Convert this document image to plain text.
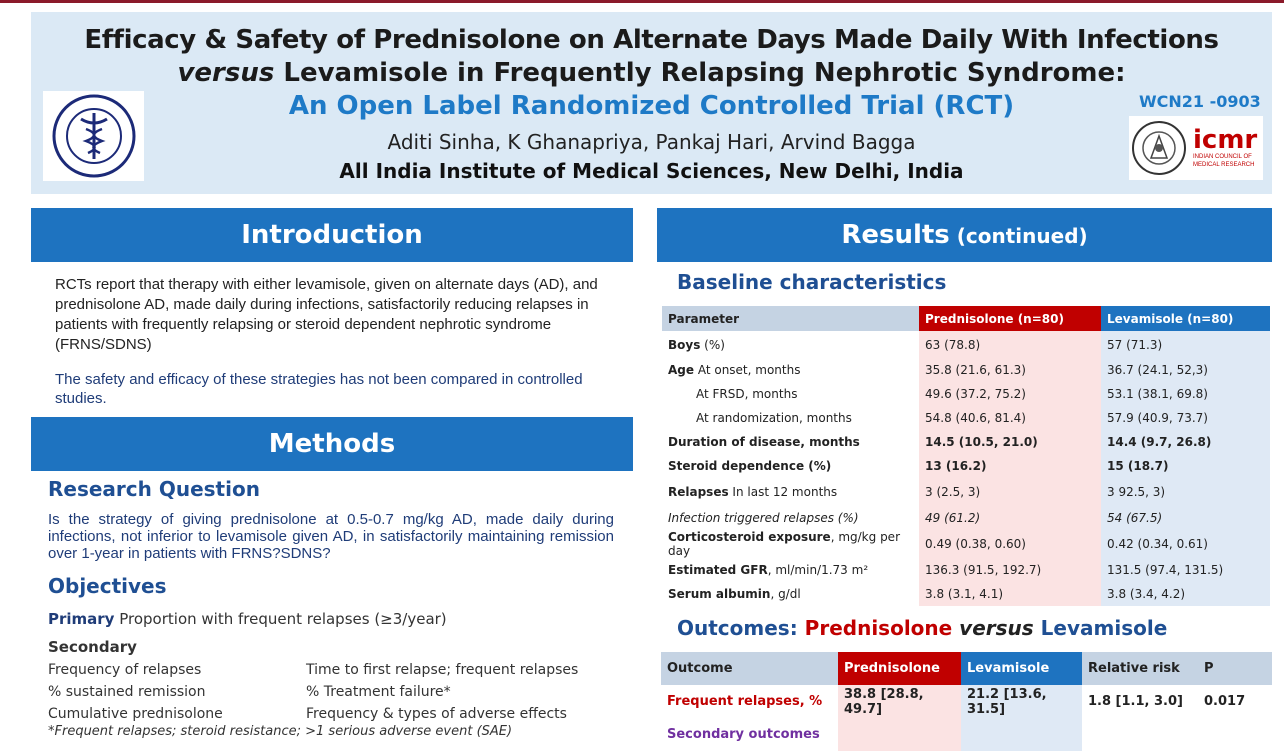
Efficacy & Safety of Prednisolone on Alternate Days Made Daily With Infections
versus Levamisole in Frequently Relapsing Nephrotic Syndrome:
An Open Label Randomized Controlled Trial (RCT)
Aditi Sinha, K Ghanapriya, Pankaj Hari, Arvind Bagga
All India Institute of Medical Sciences, New Delhi, India
WCN21 -0903
icmr
INDIAN COUNCIL OF MEDICAL RESEARCH
Introduction
RCTs report that therapy with either levamisole, given on alternate days (AD), and prednisolone AD, made daily during infections, satisfactorily reducing relapses in patients with frequently relapsing or steroid dependent nephrotic syndrome (FRNS/SDNS)
The safety and efficacy of these strategies has not been compared in controlled studies.
Methods
Research Question
Is the strategy of giving prednisolone at 0.5-0.7 mg/kg AD, made daily during infections, not inferior to levamisole given AD, in satisfactorily maintaining remission over 1-year in patients with FRNS?SDNS?
Objectives
Primary Proportion with frequent relapses (≥3/year)
Secondary
Frequency of relapses	Time to first relapse; frequent relapses
% sustained remission	% Treatment failure*
Cumulative prednisolone	Frequency & types of adverse effects
*Frequent relapses; steroid resistance; >1 serious adverse event (SAE)
Results (continued)
Baseline characteristics
Parameter	Prednisolone (n=80)	Levamisole (n=80)
Boys (%)	63 (78.8)	57 (71.3)
Age At onset, months	35.8 (21.6, 61.3)	36.7 (24.1, 52,3)
At FRSD, months	49.6 (37.2, 75.2)	53.1 (38.1, 69.8)
At randomization, months	54.8 (40.6, 81.4)	57.9 (40.9, 73.7)
Duration of disease, months	14.5 (10.5, 21.0)	14.4 (9.7, 26.8)
Steroid dependence (%)	13 (16.2)	15 (18.7)
Relapses In last 12 months	3 (2.5, 3)	3 92.5, 3)
Infection triggered relapses (%)	49 (61.2)	54 (67.5)
Corticosteroid exposure, mg/kg per day	0.49 (0.38, 0.60)	0.42 (0.34, 0.61)
Estimated GFR, ml/min/1.73 m²	136.3 (91.5, 192.7)	131.5 (97.4, 131.5)
Serum albumin, g/dl	3.8 (3.1, 4.1)	3.8 (3.4, 4.2)
Outcomes: Prednisolone versus Levamisole
Outcome	Prednisolone	Levamisole	Relative risk	P
Frequent relapses, %	38.8 [28.8, 49.7]	21.2 [13.6, 31.5]	1.8 [1.1, 3.0]	0.017
Secondary outcomes				
